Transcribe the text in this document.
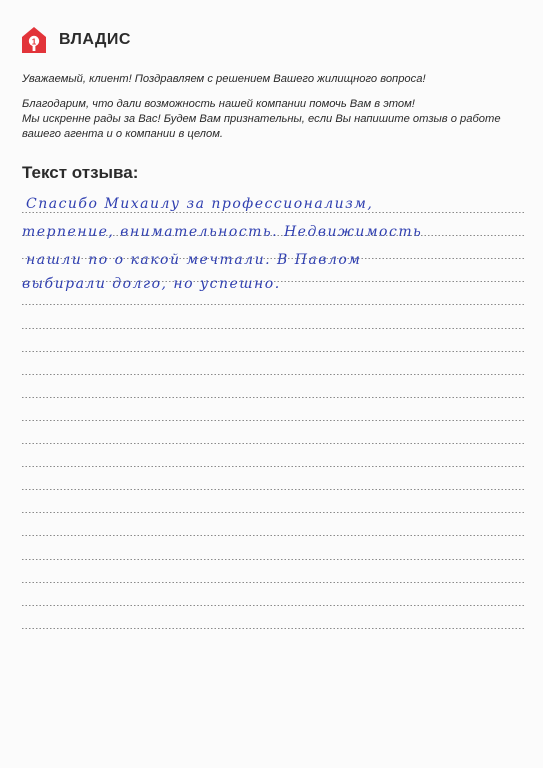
1 ВЛАДИС

Уважаемый, клиент! Поздравляем с решением Вашего жилищного вопроса!

Благодарим, что дали возможность нашей компании помочь Вам в этом!

Мы искренне рады за Вас! Будем Вам признательны, если Вы напишите отзыв о работе

вашего агента и о компании в целом.

Текст отзыва:
Спасибо Михаилу за профессионализм,
терпение, внимательность. Недвижимость
нашли по о какой мечтали. В Павлом
выбирали долго, но успешно.
